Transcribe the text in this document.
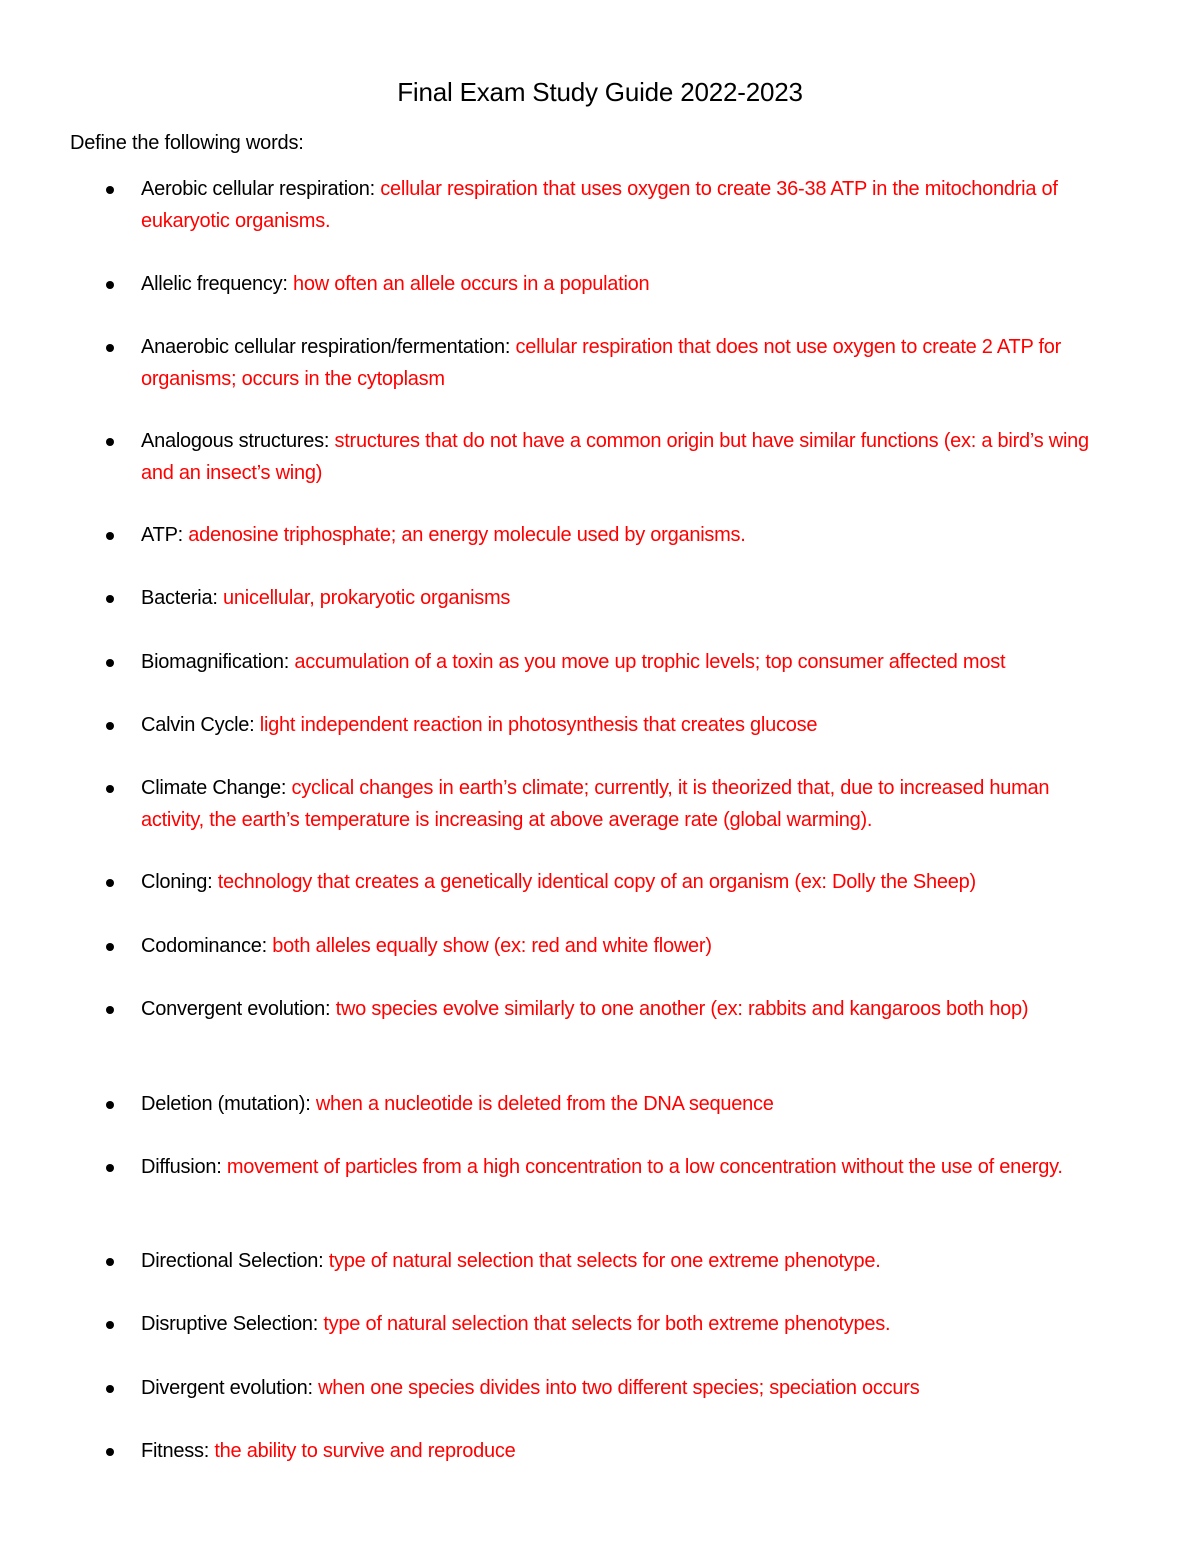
Final Exam Study Guide 2022-2023
Define the following words:
Aerobic cellular respiration: cellular respiration that uses oxygen to create 36-38 ATP in the mitochondria of eukaryotic organisms.
Allelic frequency: how often an allele occurs in a population
Anaerobic cellular respiration/fermentation: cellular respiration that does not use oxygen to create 2 ATP for organisms; occurs in the cytoplasm
Analogous structures: structures that do not have a common origin but have similar functions (ex: a bird’s wing and an insect’s wing)
ATP: adenosine triphosphate; an energy molecule used by organisms.
Bacteria: unicellular, prokaryotic organisms
Biomagnification: accumulation of a toxin as you move up trophic levels; top consumer affected most
Calvin Cycle: light independent reaction in photosynthesis that creates glucose
Climate Change: cyclical changes in earth’s climate; currently, it is theorized that, due to increased human activity, the earth’s temperature is increasing at above average rate (global warming).
Cloning: technology that creates a genetically identical copy of an organism (ex: Dolly the Sheep)
Codominance: both alleles equally show (ex: red and white flower)
Convergent evolution: two species evolve similarly to one another (ex: rabbits and kangaroos both hop)
Deletion (mutation): when a nucleotide is deleted from the DNA sequence
Diffusion: movement of particles from a high concentration to a low concentration without the use of energy.
Directional Selection: type of natural selection that selects for one extreme phenotype.
Disruptive Selection: type of natural selection that selects for both extreme phenotypes.
Divergent evolution: when one species divides into two different species; speciation occurs
Fitness: the ability to survive and reproduce
